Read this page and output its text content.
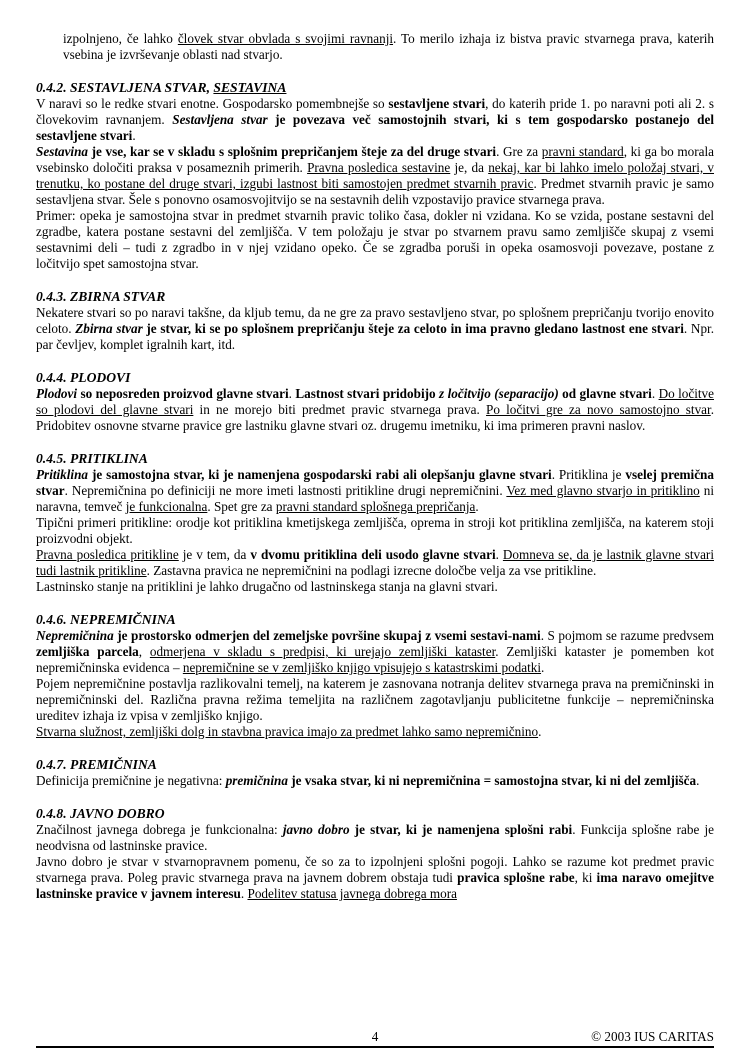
izpolnjeno, če lahko človek stvar obvlada s svojimi ravnanji. To merilo izhaja iz bistva pravic stvarnega prava, katerih vsebina je izvrševanje oblasti nad stvarjo.

0.4.2. SESTAVLJENA STVAR, SESTAVINA

V naravi so le redke stvari enotne. Gospodarsko pomembnejše so sestavljene stvari, do katerih pride 1. po naravni poti ali 2. s človekovim ravnanjem. Sestavljena stvar je povezava več samostojnih stvari, ki s tem gospodarsko postanejo del sestavljene stvari.

Sestavina je vse, kar se v skladu s splošnim prepričanjem šteje za del druge stvari. Gre za pravni standard, ki ga bo morala vsebinsko določiti praksa v posameznih primerih. Pravna posledica sestavine je, da nekaj, kar bi lahko imelo položaj stvari, v trenutku, ko postane del druge stvari, izgubi lastnost biti samostojen predmet stvarnih pravic. Predmet stvarnih pravic je samo sestavljena stvar. Šele s ponovno osamosvojitvijo se na sestavnih delih vzpostavijo pravice stvarnega prava.

Primer: opeka je samostojna stvar in predmet stvarnih pravic toliko časa, dokler ni vzidana. Ko se vzida, postane sestavni del zgradbe, katera postane sestavni del zemljišča. V tem položaju je stvar po stvarnem pravu samo zemljišče skupaj z vsemi sestavnimi deli – tudi z zgradbo in v njej vzidano opeko. Če se zgradba poruši in opeka osamosvoji povezave, postane z ločitvijo spet samostojna stvar.

0.4.3. ZBIRNA STVAR

Nekatere stvari so po naravi takšne, da kljub temu, da ne gre za pravo sestavljeno stvar, po splošnem prepričanju tvorijo enovito celoto. Zbirna stvar je stvar, ki se po splošnem prepričanju šteje za celoto in ima pravno gledano lastnost ene stvari. Npr. par čevljev, komplet igralnih kart, itd.

0.4.4. PLODOVI

Plodovi so neposreden proizvod glavne stvari. Lastnost stvari pridobijo z ločitvijo (separacijo) od glavne stvari. Do ločitve so plodovi del glavne stvari in ne morejo biti predmet pravic stvarnega prava. Po ločitvi gre za novo samostojno stvar. Pridobitev osnovne stvarne pravice gre lastniku glavne stvari oz. drugemu imetniku, ki ima primeren pravni naslov.

0.4.5. PRITIKLINA

Pritiklina je samostojna stvar, ki je namenjena gospodarski rabi ali olepšanju glavne stvari. Pritiklina je vselej premična stvar. Nepremičnina po definiciji ne more imeti lastnosti pritikline drugi nepremičnini. Vez med glavno stvarjo in pritiklino ni naravna, temveč je funkcionalna. Spet gre za pravni standard splošnega prepričanja.

Tipični primeri pritikline: orodje kot pritiklina kmetijskega zemljišča, oprema in stroji kot pritiklina zemljišča, na katerem stoji proizvodni objekt.

Pravna posledica pritikline je v tem, da v dvomu pritiklina deli usodo glavne stvari. Domneva se, da je lastnik glavne stvari tudi lastnik pritikline. Zastavna pravica ne nepremičnini na podlagi izrecne določbe velja za vse pritikline.

Lastninsko stanje na pritiklini je lahko drugačno od lastninskega stanja na glavni stvari.

0.4.6. NEPREMIČNINA

Nepremičnina je prostorsko odmerjen del zemeljske površine skupaj z vsemi sestavi-nami. S pojmom se razume predvsem zemljiška parcela, odmerjena v skladu s predpisi, ki urejajo zemljiški kataster. Zemljiški kataster je pomemben kot nepremičninska evidenca – nepremičnine se v zemljiško knjigo vpisujejo s katastrskimi podatki.

Pojem nepremičnine postavlja razlikovalni temelj, na katerem je zasnovana notranja delitev stvarnega prava na premičninski in nepremičninski del. Različna pravna režima temeljita na različnem zagotavljanju publicitetne funkcije – nepremičninska ureditev izhaja iz vpisa v zemljiško knjigo.

Stvarna služnost, zemljiški dolg in stavbna pravica imajo za predmet lahko samo nepremičnino.

0.4.7. PREMIČNINA

Definicija premičnine je negativna: premičnina je vsaka stvar, ki ni nepremičnina = samostojna stvar, ki ni del zemljišča.

0.4.8. JAVNO DOBRO

Značilnost javnega dobrega je funkcionalna: javno dobro je stvar, ki je namenjena splošni rabi. Funkcija splošne rabe je neodvisna od lastninske pravice.

Javno dobro je stvar v stvarnopravnem pomenu, če so za to izpolnjeni splošni pogoji. Lahko se razume kot predmet pravic stvarnega prava. Poleg pravic stvarnega prava na javnem dobrem obstaja tudi pravica splošne rabe, ki ima naravo omejitve lastninske pravice v javnem interesu. Podelitev statusa javnega dobrega mora

4	© 2003 IUS CARITAS
